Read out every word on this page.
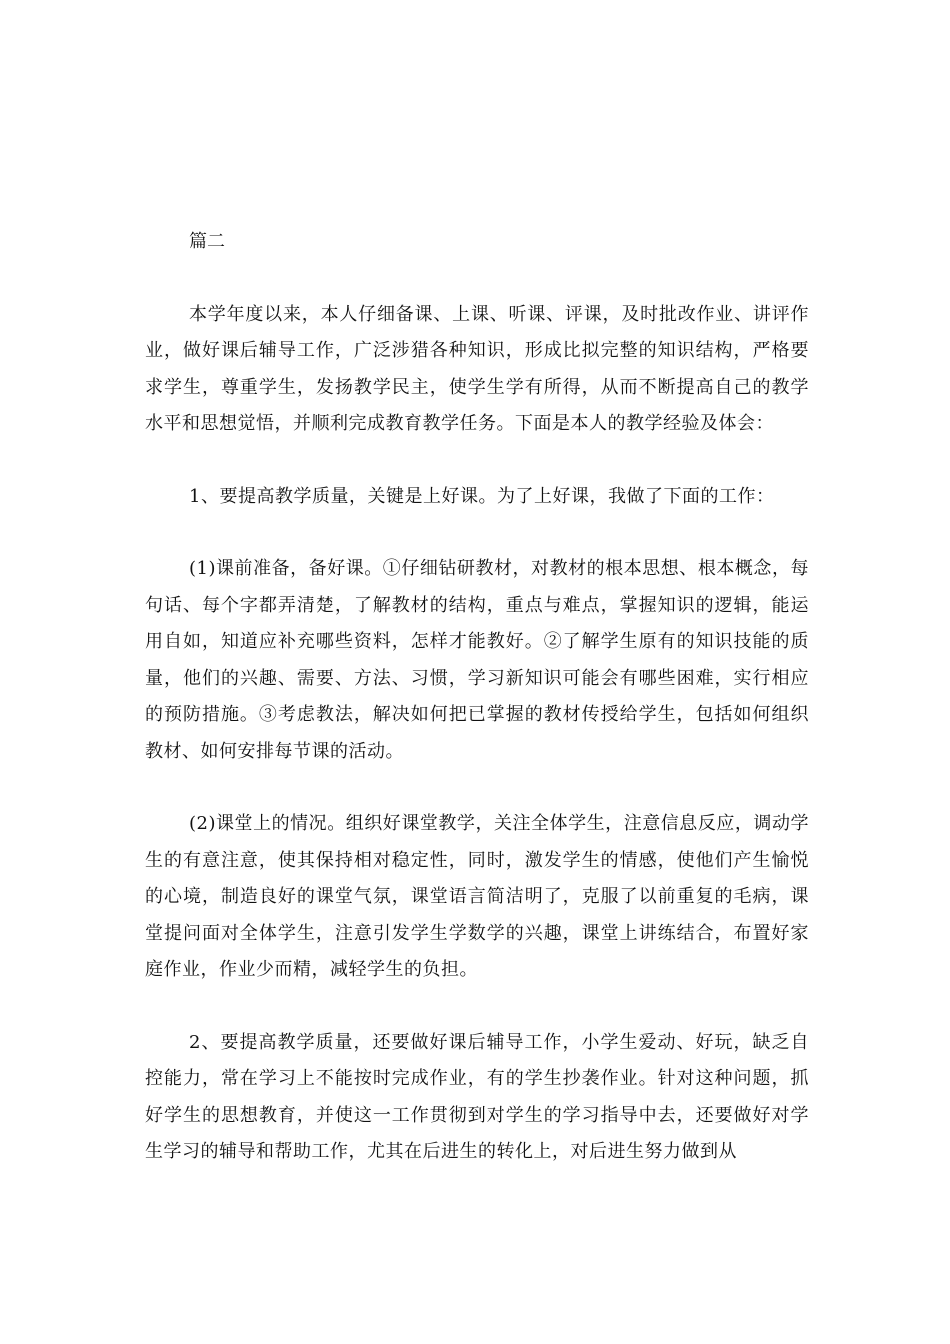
篇二

本学年度以来，本人仔细备课、上课、听课、评课，及时批改作业、讲评作业，做好课后辅导工作，广泛涉猎各种知识，形成比拟完整的知识结构，严格要求学生，尊重学生，发扬教学民主，使学生学有所得，从而不断提高自己的教学水平和思想觉悟，并顺利完成教育教学任务。下面是本人的教学经验及体会：

1、要提高教学质量，关键是上好课。为了上好课，我做了下面的工作：

(1)课前准备，备好课。①仔细钻研教材，对教材的根本思想、根本概念，每句话、每个字都弄清楚，了解教材的结构，重点与难点，掌握知识的逻辑，能运用自如，知道应补充哪些资料，怎样才能教好。②了解学生原有的知识技能的质量，他们的兴趣、需要、方法、习惯，学习新知识可能会有哪些困难，实行相应的预防措施。③考虑教法，解决如何把已掌握的教材传授给学生，包括如何组织教材、如何安排每节课的活动。

(2)课堂上的情况。组织好课堂教学，关注全体学生，注意信息反应，调动学生的有意注意，使其保持相对稳定性，同时，激发学生的情感，使他们产生愉悦的心境，制造良好的课堂气氛，课堂语言简洁明了，克服了以前重复的毛病，课堂提问面对全体学生，注意引发学生学数学的兴趣，课堂上讲练结合，布置好家庭作业，作业少而精，减轻学生的负担。

2、要提高教学质量，还要做好课后辅导工作，小学生爱动、好玩，缺乏自控能力，常在学习上不能按时完成作业，有的学生抄袭作业。针对这种问题，抓好学生的思想教育，并使这一工作贯彻到对学生的学习指导中去，还要做好对学生学习的辅导和帮助工作，尤其在后进生的转化上，对后进生努力做到从
